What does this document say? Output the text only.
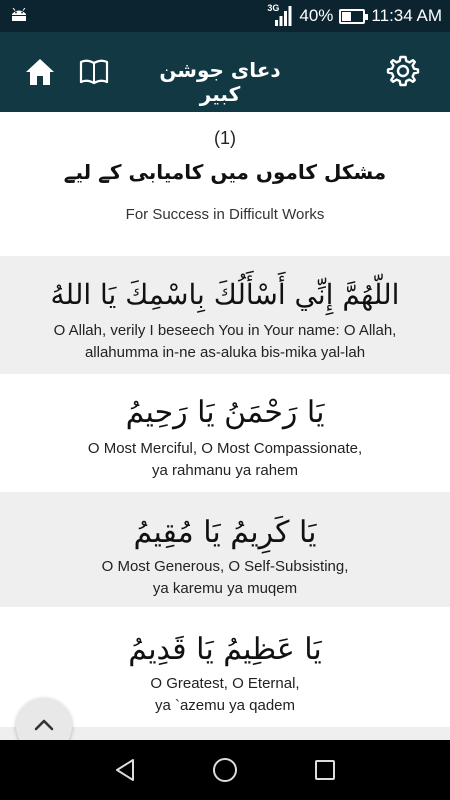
3G 40% 11:34 AM
دعای جوشن کبیر
(1)
مشکل کاموں میں کامیابی کے لیے
For Success in Difficult Works
اللّهُمَّ إِنِّي أَسْأَلُكَ بِاسْمِكَ يَا اللهُ
O Allah, verily I beseech You in Your name: O Allah,
allahumma in-ne as-aluka bis-mika yal-lah
يَا رَحْمَنُ يَا رَحِيمُ
O Most Merciful, O Most Compassionate,
ya rahmanu ya rahem
يَا كَرِيمُ يَا مُقِيمُ
O Most Generous, O Self-Subsisting,
ya karemu ya muqem
يَا عَظِيمُ يَا قَدِيمُ
O Greatest, O Eternal,
ya `azemu ya qadem
